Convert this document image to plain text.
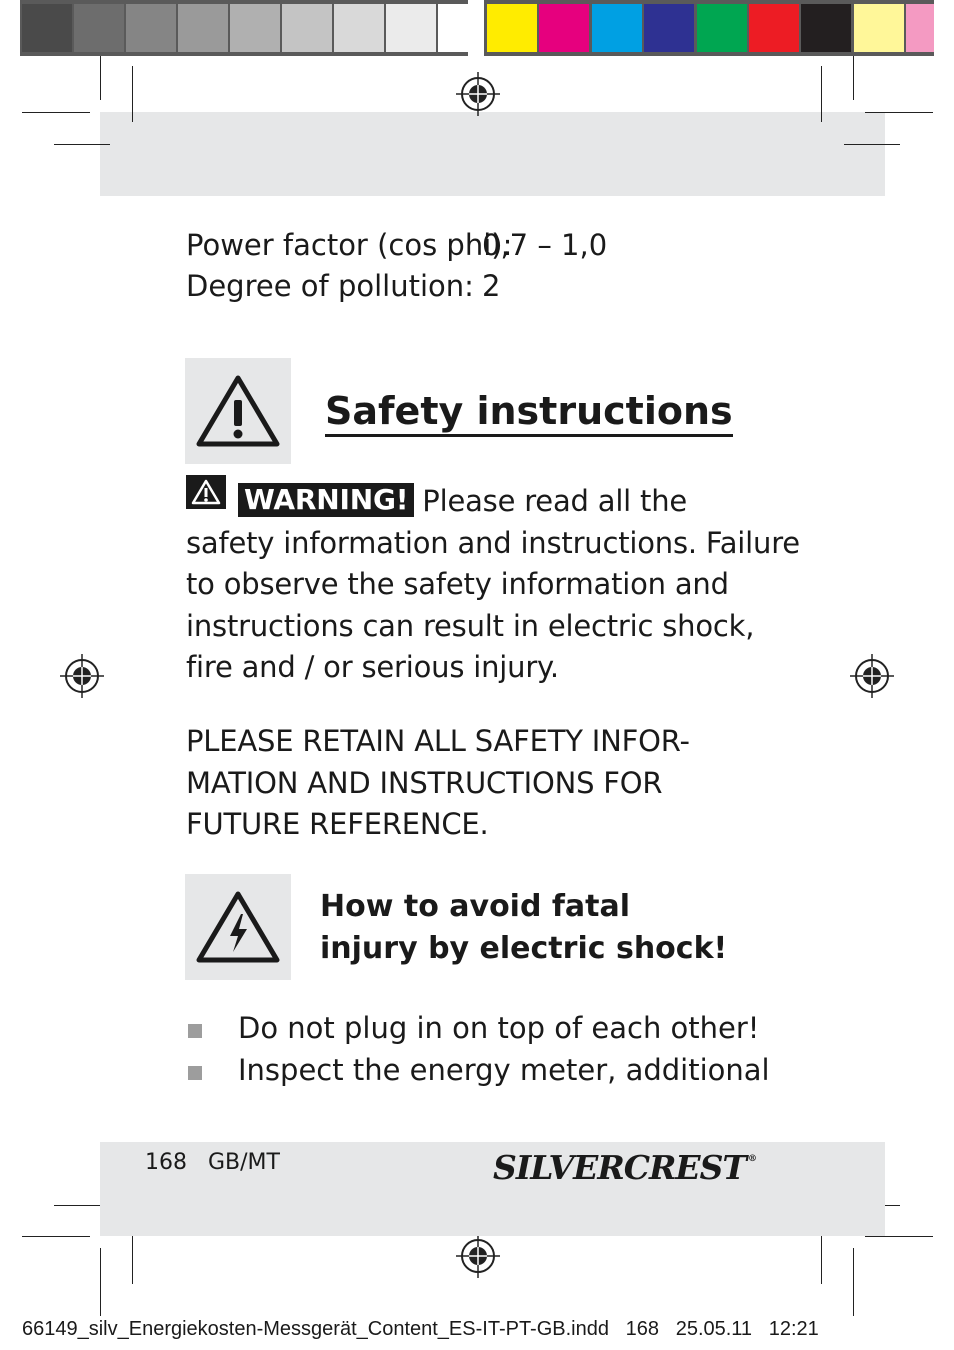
Power factor (cos phi):
0,7 – 1,0
Degree of pollution: 2
Safety instructions
WARNING! Please read all the
safety information and instructions. Failure
to observe the safety information and
instructions can result in electric shock,
fire and / or serious injury.
PLEASE RETAIN ALL SAFETY INFOR-
MATION AND INSTRUCTIONS FOR
FUTURE REFERENCE.
How to avoid fatal
injury by electric shock!
Do not plug in on top of each other!
Inspect the energy meter, additional
168 GB/MT	SILVERCREST ®
66149_silv_Energiekosten-Messgerät_Content_ES-IT-PT-GB.indd   168   25.05.11   12:21
